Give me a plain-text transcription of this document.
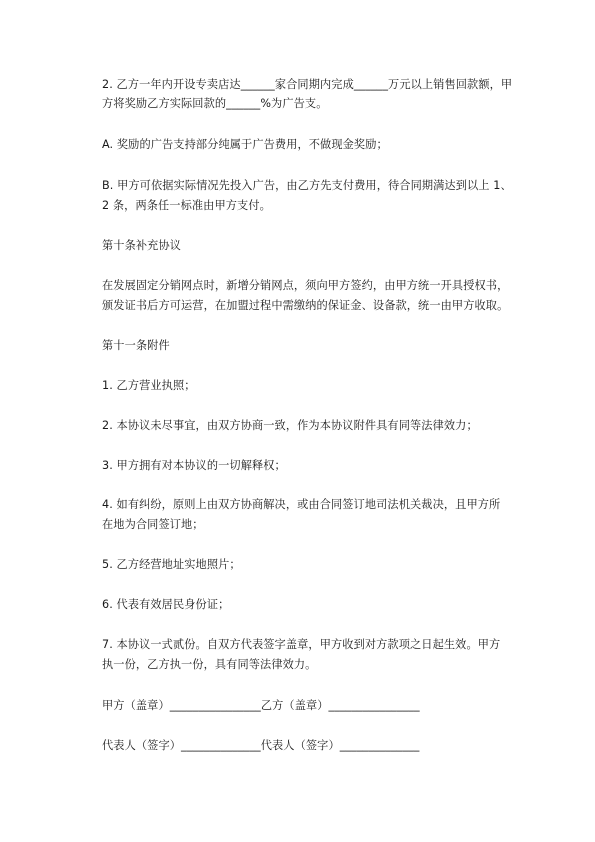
2. 乙方一年内开设专卖店达______家合同期内完成______万元以上销售回款额，甲
方将奖励乙方实际回款的______%为广告支。
A. 奖励的广告支持部分纯属于广告费用，不做现金奖励；
B. 甲方可依据实际情况先投入广告，由乙方先支付费用，待合同期满达到以上 1、
2 条，两条任一标准由甲方支付。
第十条补充协议
在发展固定分销网点时，新增分销网点，须向甲方签约，由甲方统一开具授权书，
颁发证书后方可运营，在加盟过程中需缴纳的保证金、设备款，统一由甲方收取。
第十一条附件
1. 乙方营业执照；
2. 本协议未尽事宜，由双方协商一致，作为本协议附件具有同等法律效力；
3. 甲方拥有对本协议的一切解释权；
4. 如有纠纷，原则上由双方协商解决，或由合同签订地司法机关裁决，且甲方所
在地为合同签订地；
5. 乙方经营地址实地照片；
6. 代表有效居民身份证；
7. 本协议一式贰份。自双方代表签字盖章，甲方收到对方款项之日起生效。甲方
执一份，乙方执一份，具有同等法律效力。
甲方（盖章）________________乙方（盖章）________________
代表人（签字）______________代表人（签字）______________
